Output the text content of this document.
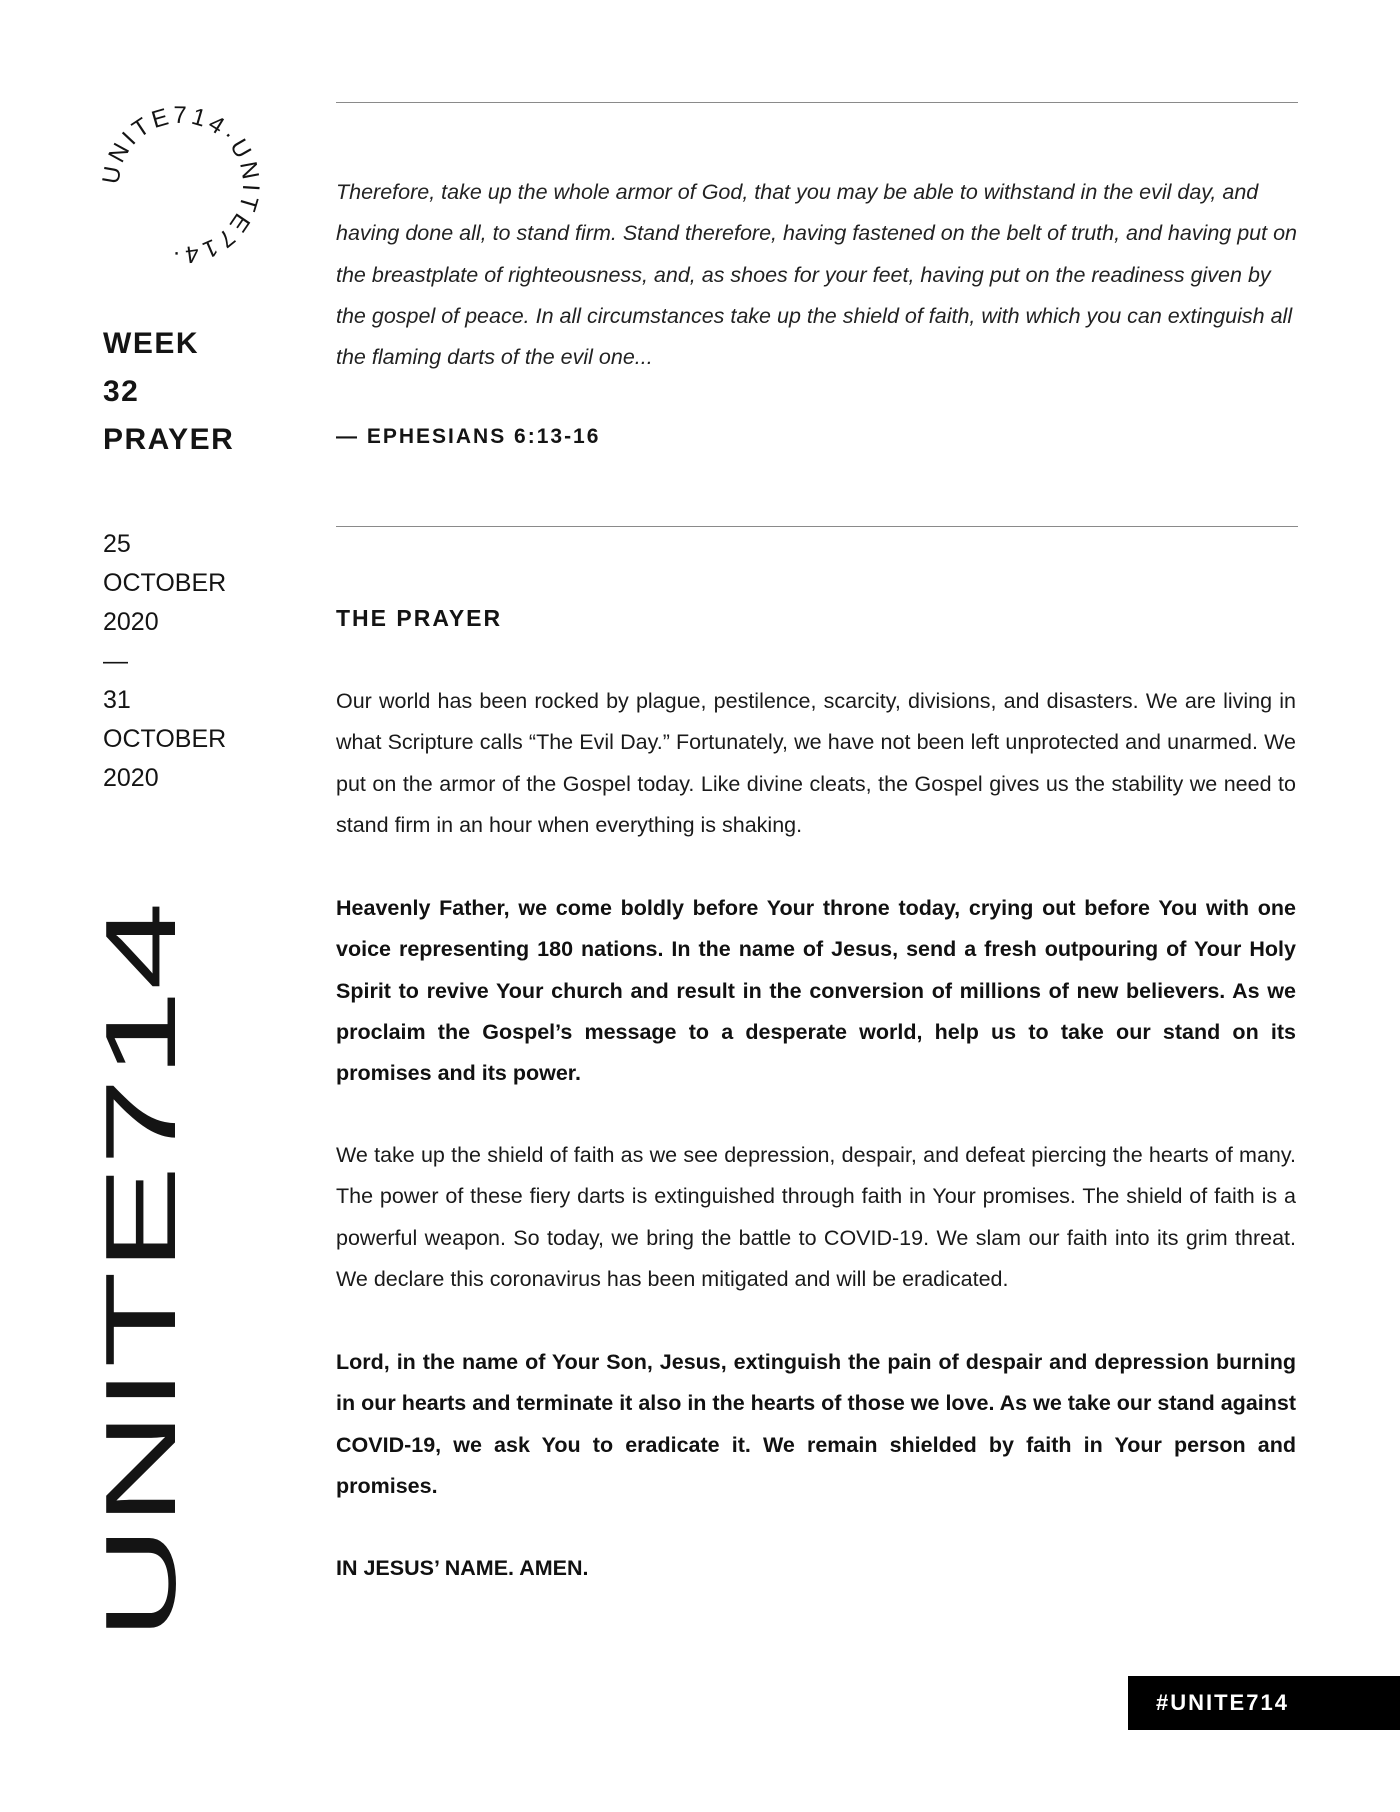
UNITE714·UNITE714·
WEEK
32
PRAYER
25
OCTOBER
2020
—
31
OCTOBER
2020
UNITE714

Therefore, take up the whole armor of God, that you may be able to withstand in the evil day, and having done all, to stand firm. Stand therefore, having fastened on the belt of truth, and having put on the breastplate of righteousness, and, as shoes for your feet, having put on the readiness given by the gospel of peace. In all circumstances take up the shield of faith, with which you can extinguish all the flaming darts of the evil one...

— EPHESIANS 6:13-16

THE PRAYER

Our world has been rocked by plague, pestilence, scarcity, divisions, and disasters. We are living in what Scripture calls “The Evil Day.” Fortunately, we have not been left unprotected and unarmed. We put on the armor of the Gospel today. Like divine cleats, the Gospel gives us the stability we need to stand firm in an hour when everything is shaking.

Heavenly Father, we come boldly before Your throne today, crying out before You with one voice representing 180 nations. In the name of Jesus, send a fresh outpouring of Your Holy Spirit to revive Your church and result in the conversion of millions of new believers. As we proclaim the Gospel’s message to a desperate world, help us to take our stand on its promises and its power.

We take up the shield of faith as we see depression, despair, and defeat piercing the hearts of many. The power of these fiery darts is extinguished through faith in Your promises. The shield of faith is a powerful weapon. So today, we bring the battle to COVID-19. We slam our faith into its grim threat. We declare this coronavirus has been mitigated and will be eradicated.

Lord, in the name of Your Son, Jesus, extinguish the pain of despair and depression burning in our hearts and terminate it also in the hearts of those we love. As we take our stand against COVID-19, we ask You to eradicate it. We remain shielded by faith in Your person and promises.

IN JESUS’ NAME. AMEN.

#UNITE714
